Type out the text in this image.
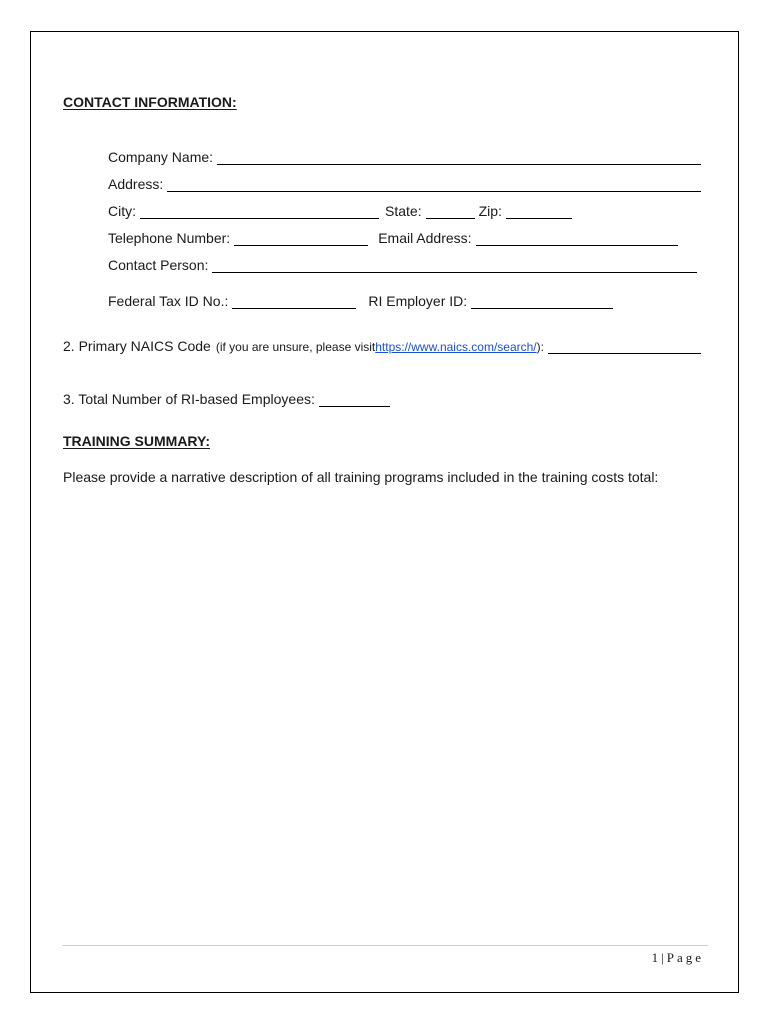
CONTACT INFORMATION:
Company Name:
Address:
City:	State:	Zip:
Telephone Number:	Email Address:
Contact Person:
Federal Tax ID No.:	RI Employer ID:
2. Primary NAICS Code (if you are unsure, please visit https://www.naics.com/search/ ):
3. Total Number of RI-based Employees:
TRAINING SUMMARY:
Please provide a narrative description of all training programs included in the training costs total:
1 | Page
